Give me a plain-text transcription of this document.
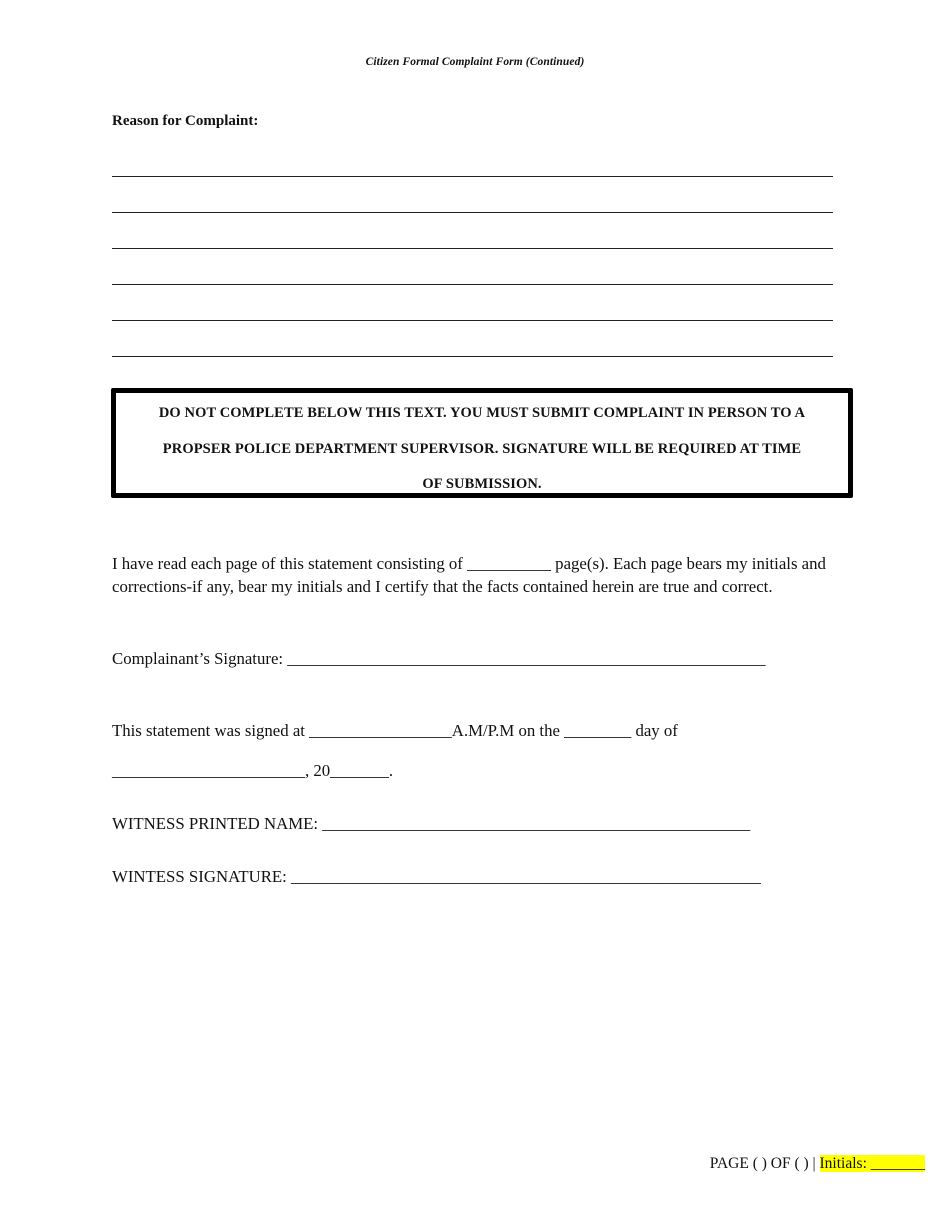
Citizen Formal Complaint Form (Continued)
Reason for Complaint:
DO NOT COMPLETE BELOW THIS TEXT. YOU MUST SUBMIT COMPLAINT IN PERSON TO A
PROPSER POLICE DEPARTMENT SUPERVISOR. SIGNATURE WILL BE REQUIRED AT TIME
OF SUBMISSION.
I have read each page of this statement consisting of __________ page(s). Each page bears my initials and corrections-if any, bear my initials and I certify that the facts contained herein are true and correct.
Complainant’s Signature: _________________________________________________________
This statement was signed at _________________A.M/P.M on the ________ day of
_______________________, 20_______.
WITNESS PRINTED NAME: ___________________________________________________
WINTESS SIGNATURE: ________________________________________________________
PAGE ( ) OF ( ) | Initials: _______
